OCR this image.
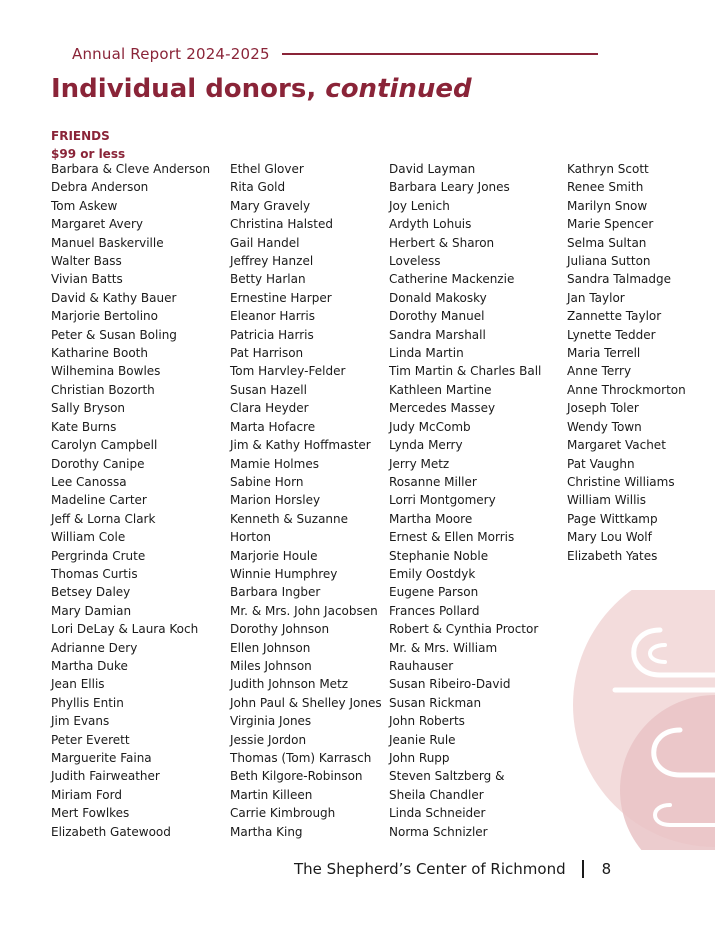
Annual Report 2024-2025
Individual donors, continued
FRIENDS
$99 or less
Barbara & Cleve Anderson
Debra Anderson
Tom Askew
Margaret Avery
Manuel Baskerville
Walter Bass
Vivian Batts
David & Kathy Bauer
Marjorie Bertolino
Peter & Susan Boling
Katharine Booth
Wilhemina Bowles
Christian Bozorth
Sally Bryson
Kate Burns
Carolyn Campbell
Dorothy Canipe
Lee Canossa
Madeline Carter
Jeff & Lorna Clark
William Cole
Pergrinda Crute
Thomas Curtis
Betsey Daley
Mary Damian
Lori DeLay & Laura Koch
Adrianne Dery
Martha Duke
Jean Ellis
Phyllis Entin
Jim Evans
Peter Everett
Marguerite Faina
Judith Fairweather
Miriam Ford
Mert Fowlkes
Elizabeth Gatewood
Ethel Glover
Rita Gold
Mary Gravely
Christina Halsted
Gail Handel
Jeffrey Hanzel
Betty Harlan
Ernestine Harper
Eleanor Harris
Patricia Harris
Pat Harrison
Tom Harvley-Felder
Susan Hazell
Clara Heyder
Marta Hofacre
Jim & Kathy Hoffmaster
Mamie Holmes
Sabine Horn
Marion Horsley
Kenneth & Suzanne
Horton
Marjorie Houle
Winnie Humphrey
Barbara Ingber
Mr. & Mrs. John Jacobsen
Dorothy Johnson
Ellen Johnson
Miles Johnson
Judith Johnson Metz
John Paul & Shelley Jones
Virginia Jones
Jessie Jordon
Thomas (Tom) Karrasch
Beth Kilgore-Robinson
Martin Killeen
Carrie Kimbrough
Martha King
David Layman
Barbara Leary Jones
Joy Lenich
Ardyth Lohuis
Herbert & Sharon
Loveless
Catherine Mackenzie
Donald Makosky
Dorothy Manuel
Sandra Marshall
Linda Martin
Tim Martin & Charles Ball
Kathleen Martine
Mercedes Massey
Judy McComb
Lynda Merry
Jerry Metz
Rosanne Miller
Lorri Montgomery
Martha Moore
Ernest & Ellen Morris
Stephanie Noble
Emily Oostdyk
Eugene Parson
Frances Pollard
Robert & Cynthia Proctor
Mr. & Mrs. William
Rauhauser
Susan Ribeiro-David
Susan Rickman
John Roberts
Jeanie Rule
John Rupp
Steven Saltzberg &
Sheila Chandler
Linda Schneider
Norma Schnizler
Kathryn Scott
Renee Smith
Marilyn Snow
Marie Spencer
Selma Sultan
Juliana Sutton
Sandra Talmadge
Jan Taylor
Zannette Taylor
Lynette Tedder
Maria Terrell
Anne Terry
Anne Throckmorton
Joseph Toler
Wendy Town
Margaret Vachet
Pat Vaughn
Christine Williams
William Willis
Page Wittkamp
Mary Lou Wolf
Elizabeth Yates
The Shepherd’s Center of Richmond 8
